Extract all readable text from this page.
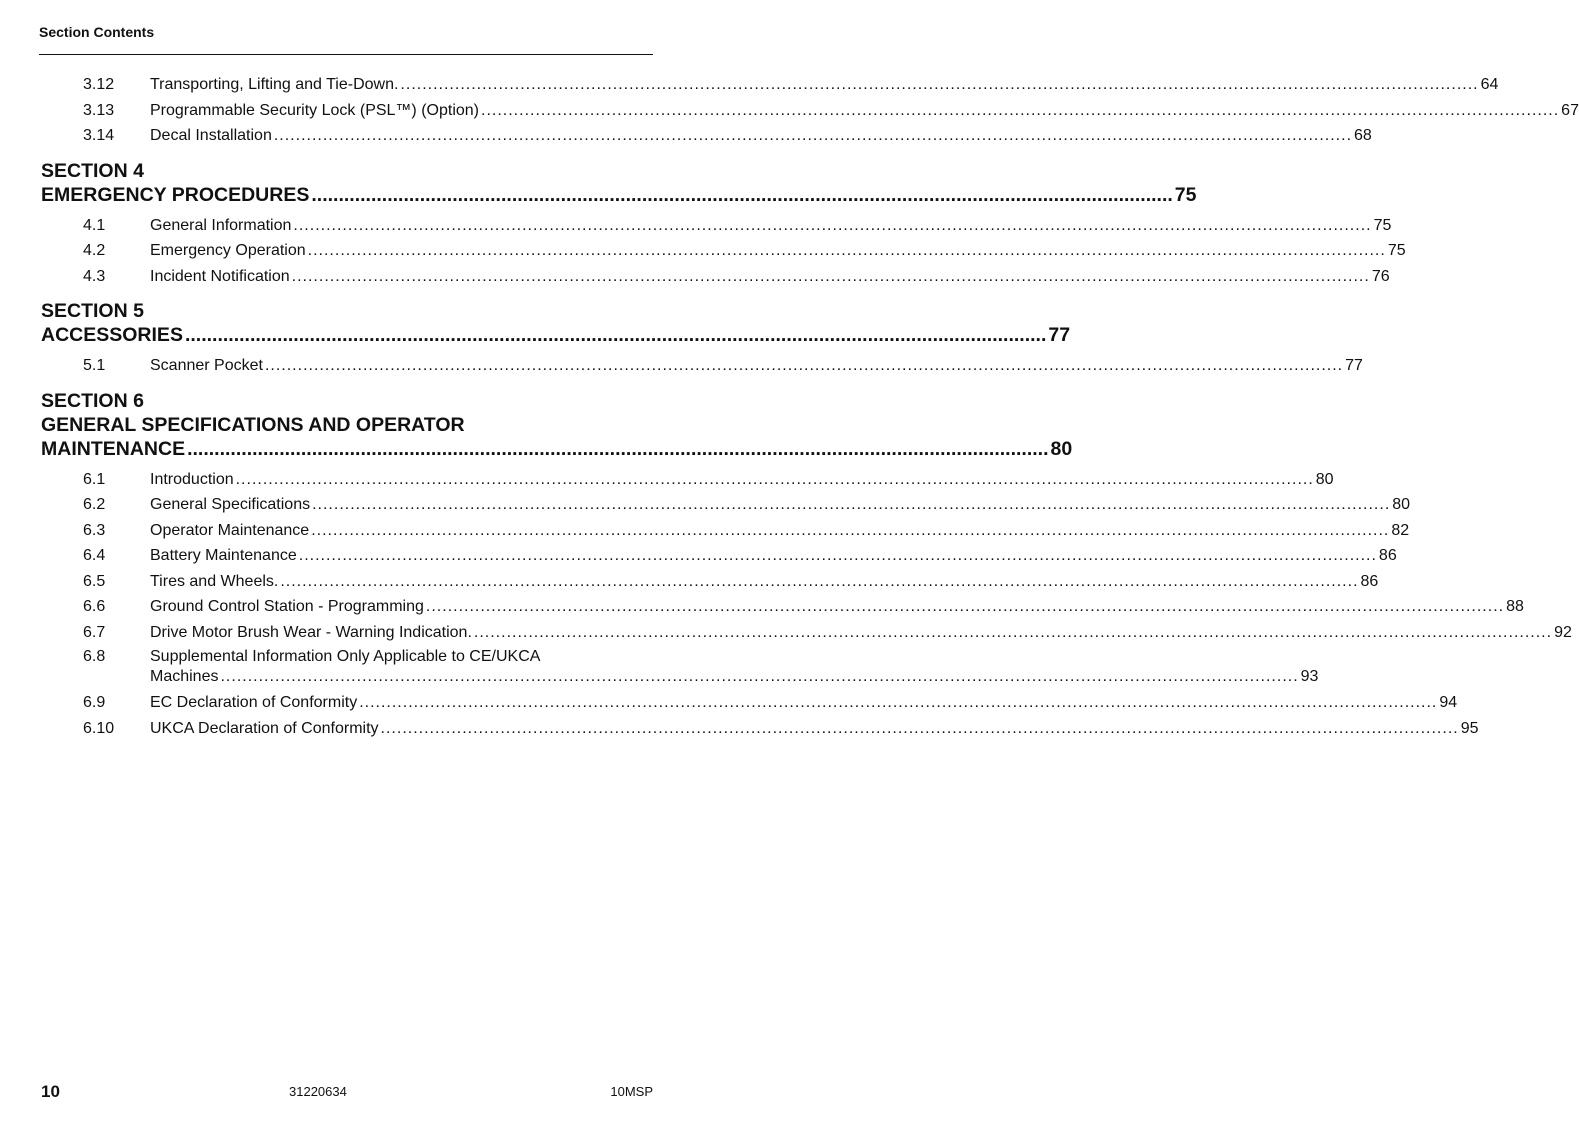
Section Contents
3.12	Transporting, Lifting and Tie-Down. .....	64
3.13	Programmable Security Lock (PSL™) (Option) .....	67
3.14	Decal Installation .....	68
SECTION 4
EMERGENCY PROCEDURES .....	75
4.1	General Information .....	75
4.2	Emergency Operation .....	75
4.3	Incident Notification .....	76
SECTION 5
ACCESSORIES .....	77
5.1	Scanner Pocket .....	77
SECTION 6
GENERAL SPECIFICATIONS AND OPERATOR
MAINTENANCE .....	80
6.1	Introduction .....	80
6.2	General Specifications .....	80
6.3	Operator Maintenance .....	82
6.4	Battery Maintenance .....	86
6.5	Tires and Wheels. .....	86
6.6	Ground Control Station - Programming .....	88
6.7	Drive Motor Brush Wear - Warning Indication. .....	92
6.8	Supplemental Information Only Applicable to CE/UKCA
Machines .....	93
6.9	EC Declaration of Conformity .....	94
6.10	UKCA Declaration of Conformity .....	95
10	31220634	10MSP
